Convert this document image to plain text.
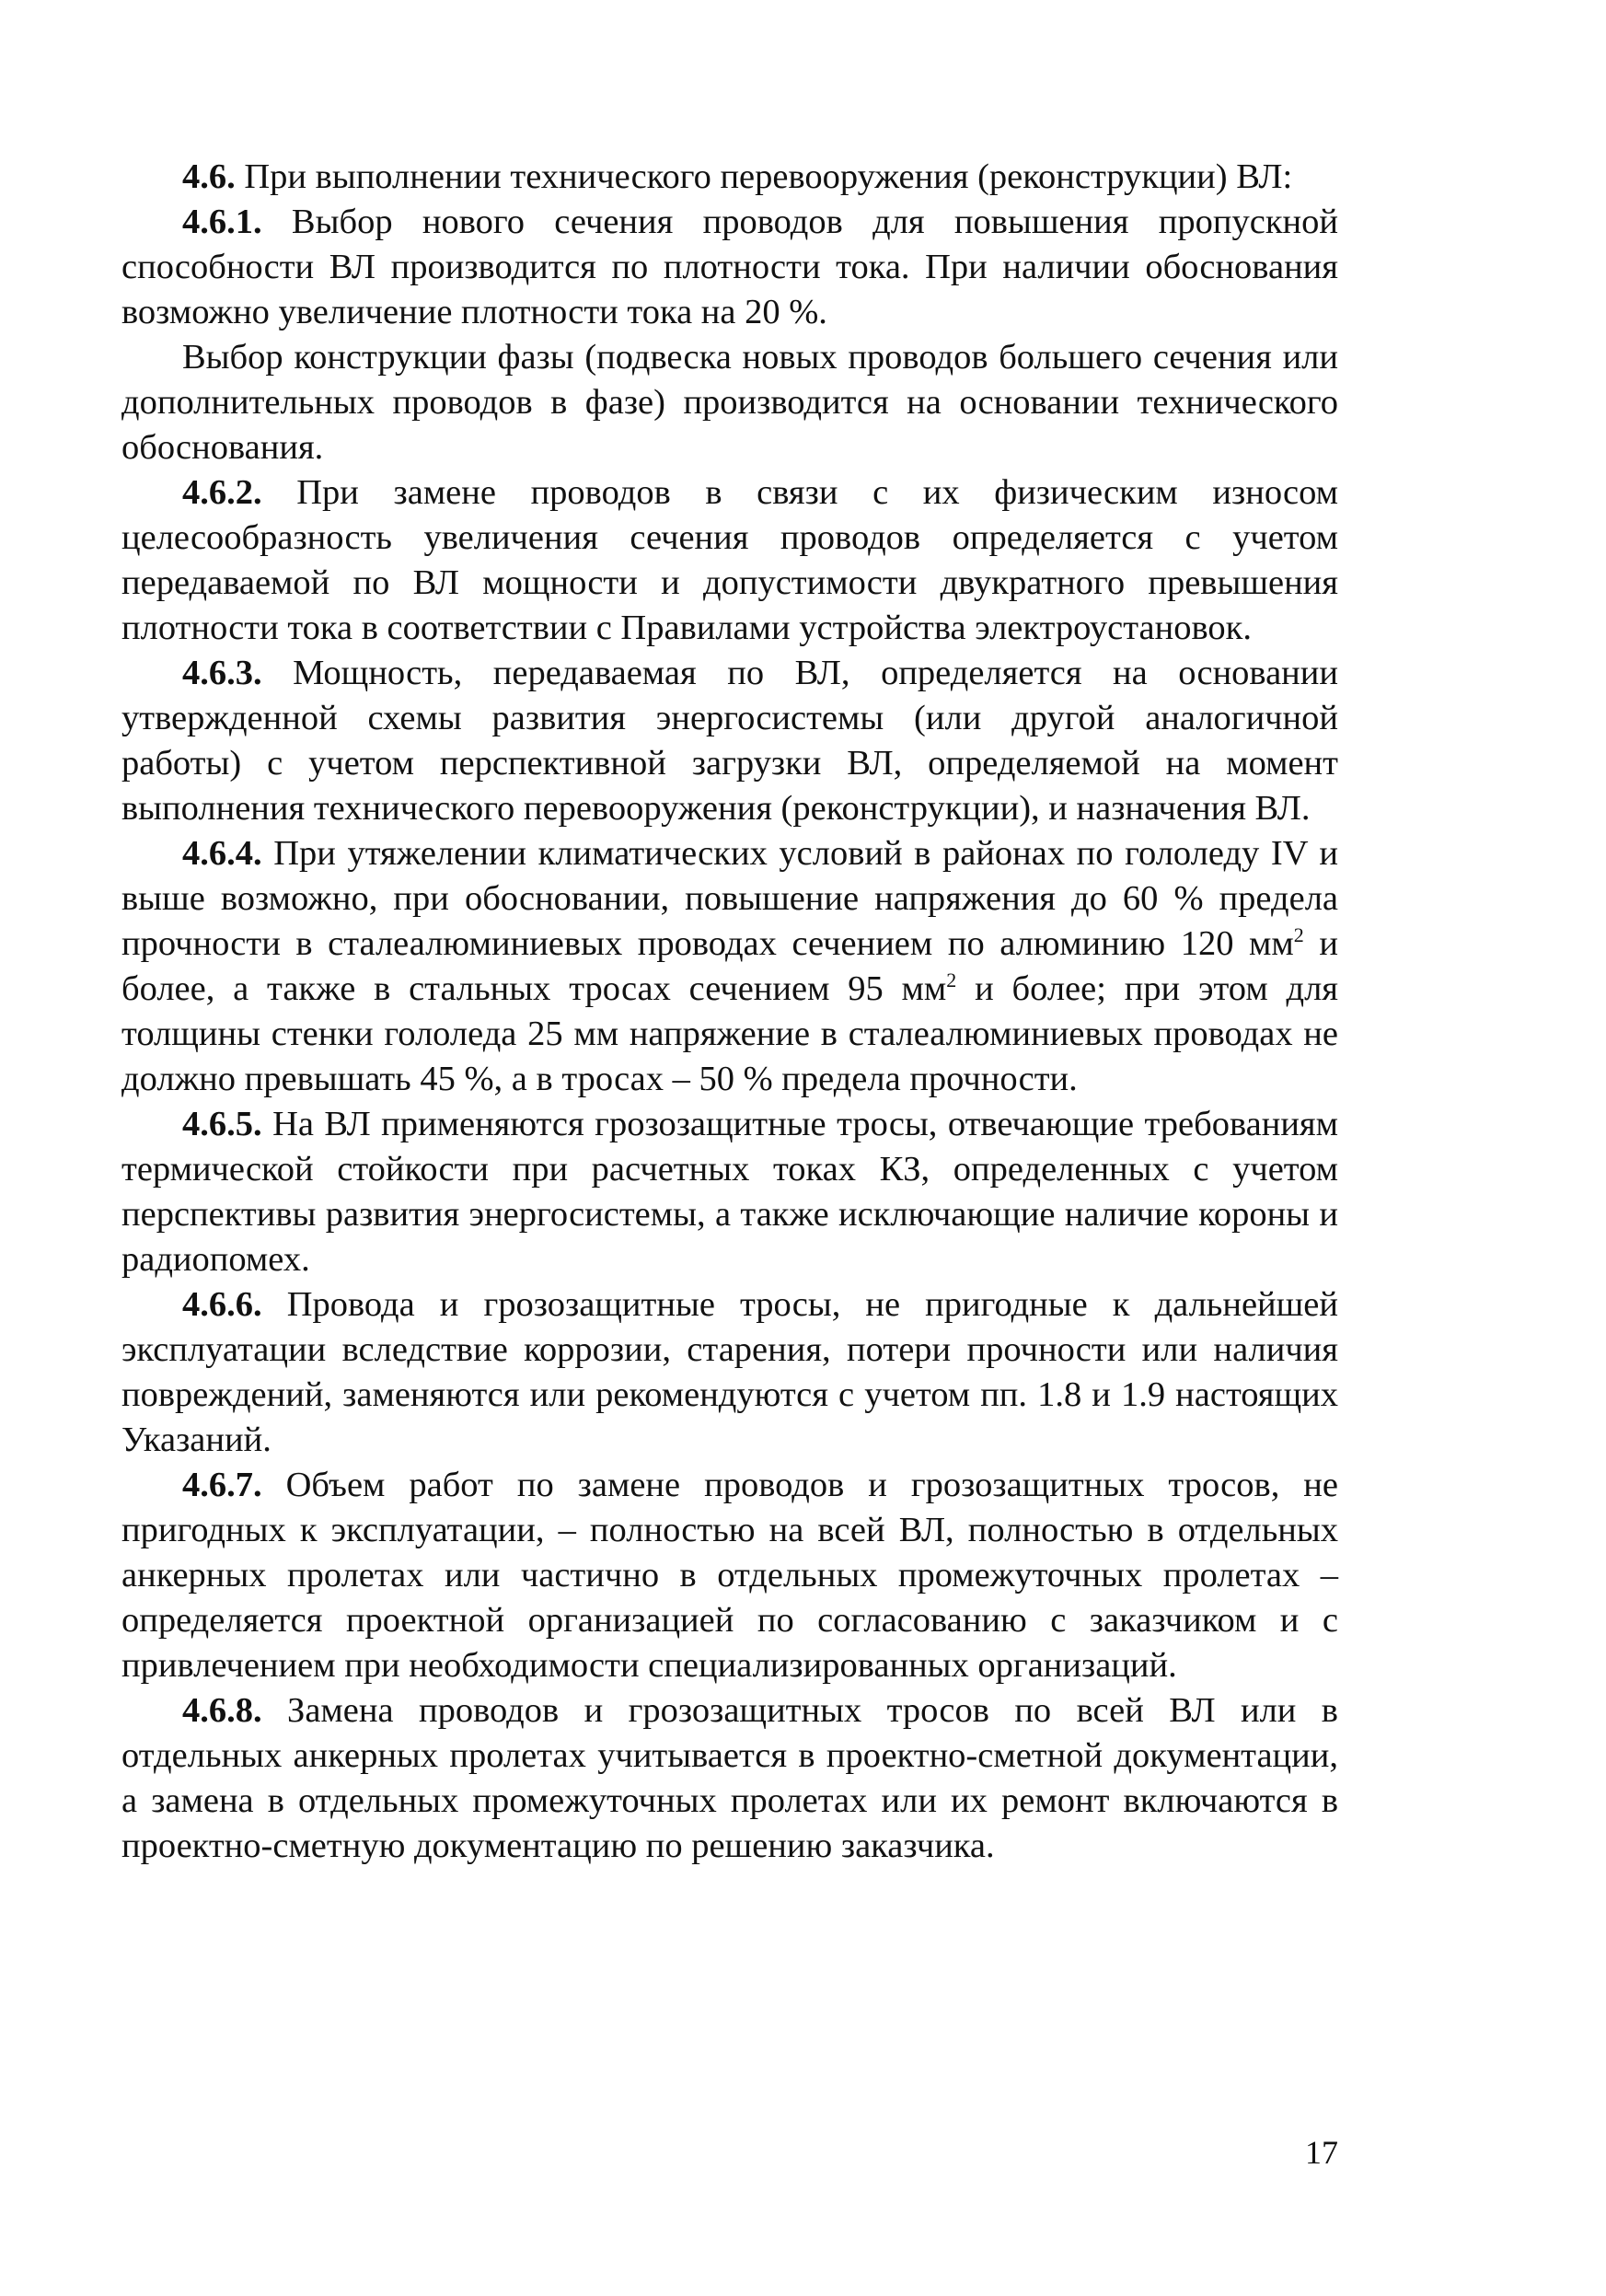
4.6. При выполнении технического перевооружения (реконструкции) ВЛ:

4.6.1. Выбор нового сечения проводов для повышения пропускной способности ВЛ производится по плотности тока. При наличии обоснования возможно увеличение плотности тока на 20 %.

Выбор конструкции фазы (подвеска новых проводов большего сечения или дополнительных проводов в фазе) производится на основании технического обоснования.

4.6.2. При замене проводов в связи с их физическим износом целесообразность увеличения сечения проводов определяется с учетом передаваемой по ВЛ мощности и допустимости двукратного превышения плотности тока в соответствии с Правилами устройства электроустановок.

4.6.3. Мощность, передаваемая по ВЛ, определяется на основании утвержденной схемы развития энергосистемы (или другой аналогичной работы) с учетом перспективной загрузки ВЛ, определяемой на момент выполнения технического перевооружения (реконструкции), и назначения ВЛ.

4.6.4. При утяжелении климатических условий в районах по гололеду IV и выше возможно, при обосновании, повышение напряжения до 60 % предела прочности в сталеалюминиевых проводах сечением по алюминию 120 $мм^2$ и более, а также в стальных тросах сечением 95 $мм^2$ и более; при этом для толщины стенки гололеда 25 мм напряжение в сталеалюминиевых проводах не должно превышать 45 %, а в тросах – 50 % предела прочности.

4.6.5. На ВЛ применяются грозозащитные тросы, отвечающие требованиям термической стойкости при расчетных токах КЗ, определенных с учетом перспективы развития энергосистемы, а также исключающие наличие короны и радиопомех.

4.6.6. Провода и грозозащитные тросы, не пригодные к дальнейшей эксплуатации вследствие коррозии, старения, потери прочности или наличия повреждений, заменяются или рекомендуются с учетом пп. 1.8 и 1.9 настоящих Указаний.

4.6.7. Объем работ по замене проводов и грозозащитных тросов, не пригодных к эксплуатации, – полностью на всей ВЛ, полностью в отдельных анкерных пролетах или частично в отдельных промежуточных пролетах – определяется проектной организацией по согласованию с заказчиком и с привлечением при необходимости специализированных организаций.

4.6.8. Замена проводов и грозозащитных тросов по всей ВЛ или в отдельных анкерных пролетах учитывается в проектно-сметной документации, а замена в отдельных промежуточных пролетах или их ремонт включаются в проектно-сметную документацию по решению заказчика.

17
